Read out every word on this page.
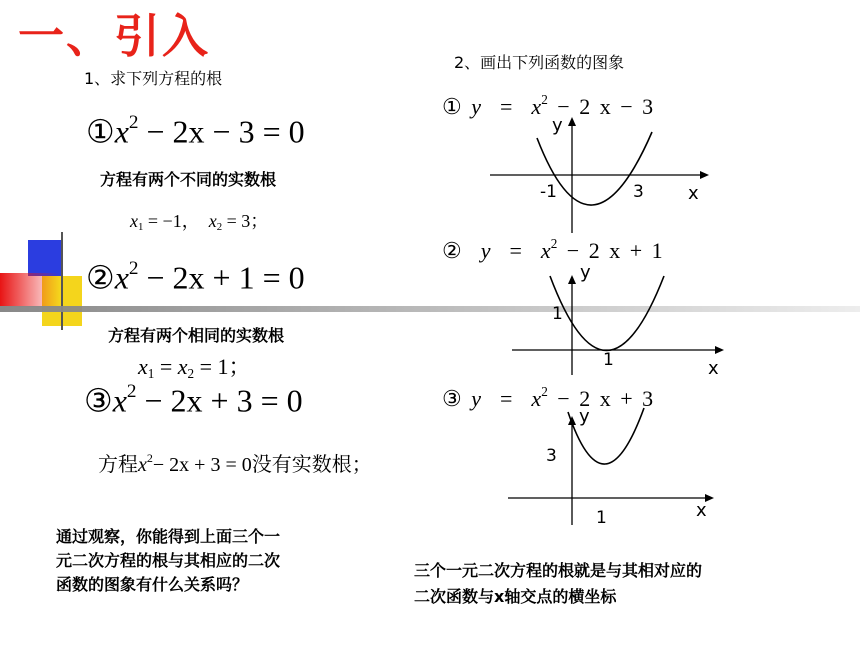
一、引入
1、求下列方程的根
$①x^2 - 2x - 3 = 0$
方程有两个不同的实数根
$x_1 = -1$， $x_2 = 3$；
$②x^2 - 2x + 1 = 0$
方程有两个相同的实数根
$x_1 = x_2 = 1$；
$③x^2 - 2x + 3 = 0$
方程$x^2- 2x + 3 = 0$没有实数根；
通过观察，你能得到上面三个一
元二次方程的根与其相应的二次
函数的图象有什么关系吗？
2、画出下列函数的图象
① $y = x^2 - 2$ x − 3
y
x
-1	3
② $y = x^2 - 2$ x + 1
y
1
1	x
③ $y = x^2 - 2$ x + 3
y
3
1	x
三个一元二次方程的根就是与其相对应的
二次函数与x轴交点的横坐标
